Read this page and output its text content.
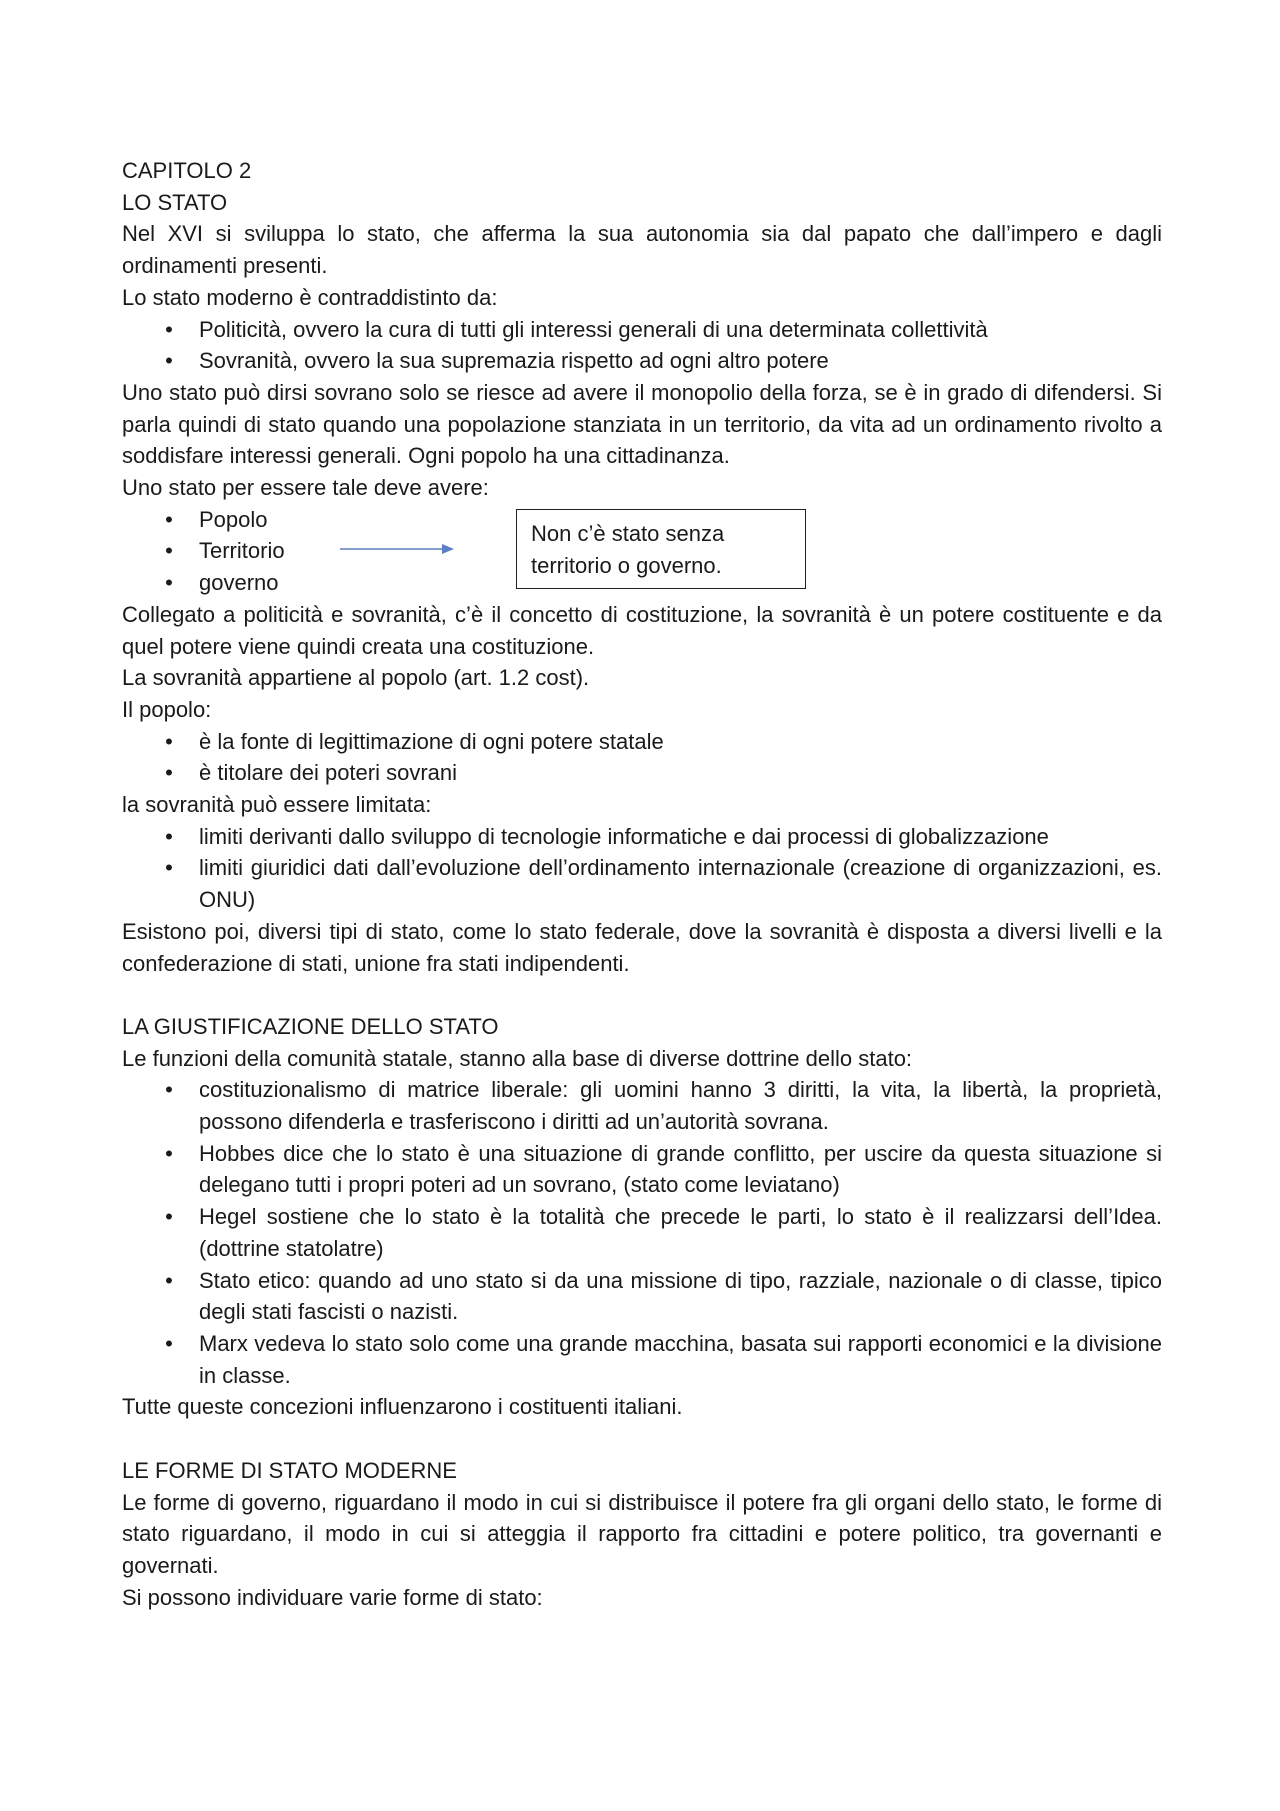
CAPITOLO 2

LO STATO

Nel XVI si sviluppa lo stato, che afferma la sua autonomia sia dal papato che dall’impero e dagli ordinamenti presenti.

Lo stato moderno è contraddistinto da:

• Politicità, ovvero la cura di tutti gli interessi generali di una determinata collettività
• Sovranità, ovvero la sua supremazia rispetto ad ogni altro potere

Uno stato può dirsi sovrano solo se riesce ad avere il monopolio della forza, se è in grado di difendersi. Si parla quindi di stato quando una popolazione stanziata in un territorio, da vita ad un ordinamento rivolto a soddisfare interessi generali. Ogni popolo ha una cittadinanza.

Uno stato per essere tale deve avere:

• Popolo
• Territorio
• governo

Collegato a politicità e sovranità, c’è il concetto di costituzione, la sovranità è un potere costituente e da quel potere viene quindi creata una costituzione.

La sovranità appartiene al popolo (art. 1.2 cost).

Il popolo:

• è la fonte di legittimazione di ogni potere statale
• è titolare dei poteri sovrani

la sovranità può essere limitata:

• limiti derivanti dallo sviluppo di tecnologie informatiche e dai processi di globalizzazione
• limiti giuridici dati dall’evoluzione dell’ordinamento internazionale (creazione di organizzazioni, es. ONU)

Esistono poi, diversi tipi di stato, come lo stato federale, dove la sovranità è disposta a diversi livelli e la confederazione di stati, unione fra stati indipendenti.

LA GIUSTIFICAZIONE DELLO STATO

Le funzioni della comunità statale, stanno alla base di diverse dottrine dello stato:

• costituzionalismo di matrice liberale: gli uomini hanno 3 diritti, la vita, la libertà, la proprietà, possono difenderla e trasferiscono i diritti ad un’autorità sovrana.
• Hobbes dice che lo stato è una situazione di grande conflitto, per uscire da questa situazione si delegano tutti i propri poteri ad un sovrano, (stato come leviatano)
• Hegel sostiene che lo stato è la totalità che precede le parti, lo stato è il realizzarsi dell’Idea. (dottrine statolatre)
• Stato etico: quando ad uno stato si da una missione di tipo, razziale, nazionale o di classe, tipico degli stati fascisti o nazisti.
• Marx vedeva lo stato solo come una grande macchina, basata sui rapporti economici e la divisione in classe.

Tutte queste concezioni influenzarono i costituenti italiani.

LE FORME DI STATO MODERNE

Le forme di governo, riguardano il modo in cui si distribuisce il potere fra gli organi dello stato, le forme di stato riguardano, il modo in cui si atteggia il rapporto fra cittadini e potere politico, tra governanti e governati.

Si possono individuare varie forme di stato:

Non c’è stato senza
territorio o governo.
